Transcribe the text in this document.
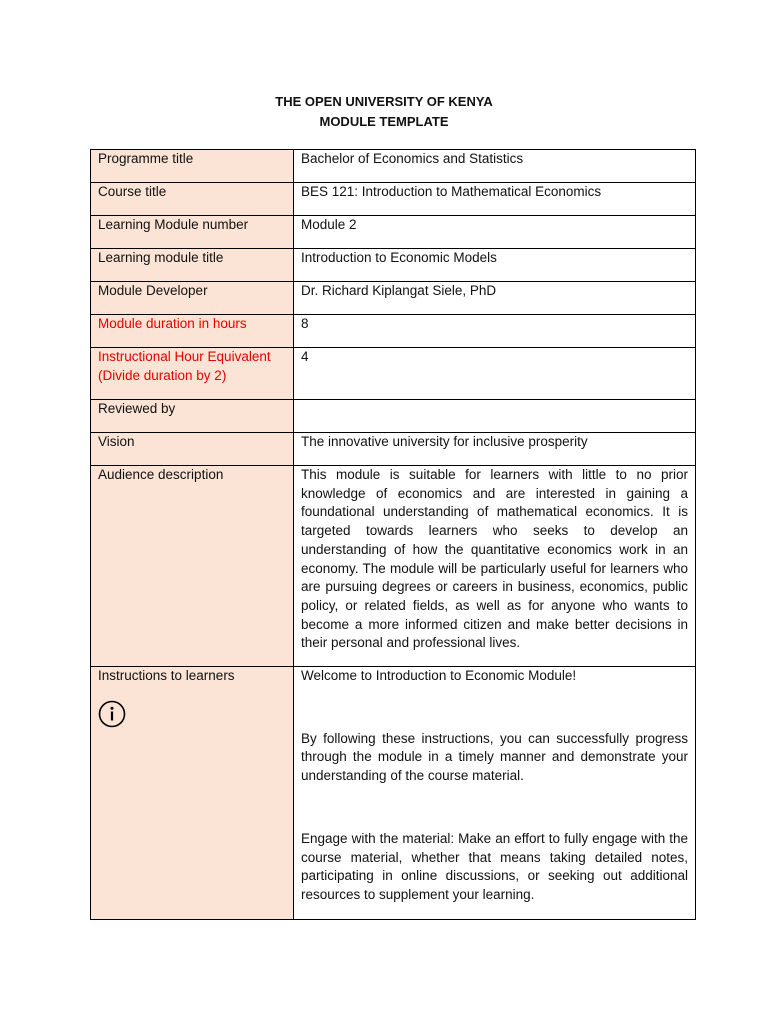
THE OPEN UNIVERSITY OF KENYA
MODULE TEMPLATE
Programme title	Bachelor of Economics and Statistics
Course title	BES 121: Introduction to Mathematical Economics
Learning Module number	Module 2
Learning module title	Introduction to Economic Models
Module Developer	Dr. Richard Kiplangat Siele, PhD
Module duration in hours	8

Instructional Hour Equivalent
(Divide duration by 2)	4
Reviewed by	
Vision	The innovative university for inclusive prosperity
Audience description	This module is suitable for learners with little to no prior knowledge of economics and are interested in gaining a foundational understanding of mathematical economics. It is targeted towards learners who seeks to develop an understanding of how the quantitative economics work in an economy. The module will be particularly useful for learners who are pursuing degrees or careers in business, economics, public policy, or related fields, as well as for anyone who wants to become a more informed citizen and make better decisions in their personal and professional lives.

Instructions to learners	Welcome to Introduction to Economic Module!
By following these instructions, you can successfully progress through the module in a timely manner and demonstrate your understanding of the course material.
Engage with the material: Make an effort to fully engage with the course material, whether that means taking detailed notes, participating in online discussions, or seeking out additional resources to supplement your learning.
